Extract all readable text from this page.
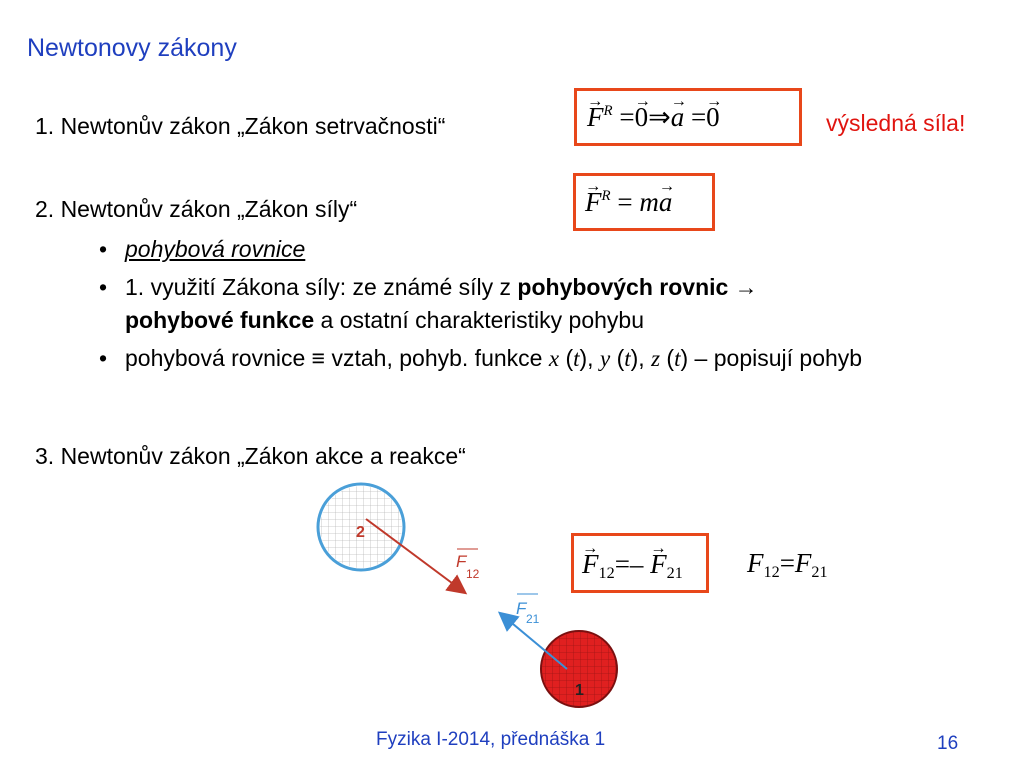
Newtonovy zákony
1. Newtonův zákon „Zákon setrvačnosti“	→ $F^R$ =→ 0⇒→ a =→ 0	výsledná síla!
2. Newtonův zákon „Zákon síly“	→ $F^R = m\to a$
• pohybová rovnice
• 1. využití Zákona síly: ze známé síly z pohybových rovnic →
pohybové funkce a ostatní charakteristiky pohybu
• pohybová rovnice ≡ vztah, pohyb. funkce x (t), y (t), z (t) – popisují pohyb
3. Newtonův zákon „Zákon akce a reakce“
2
F
12
1
F
21
→ $F_{12}=- \to F_{21}$ $F_{12}=F_{21}$
Fyzika I-2014, přednáška 1	16
